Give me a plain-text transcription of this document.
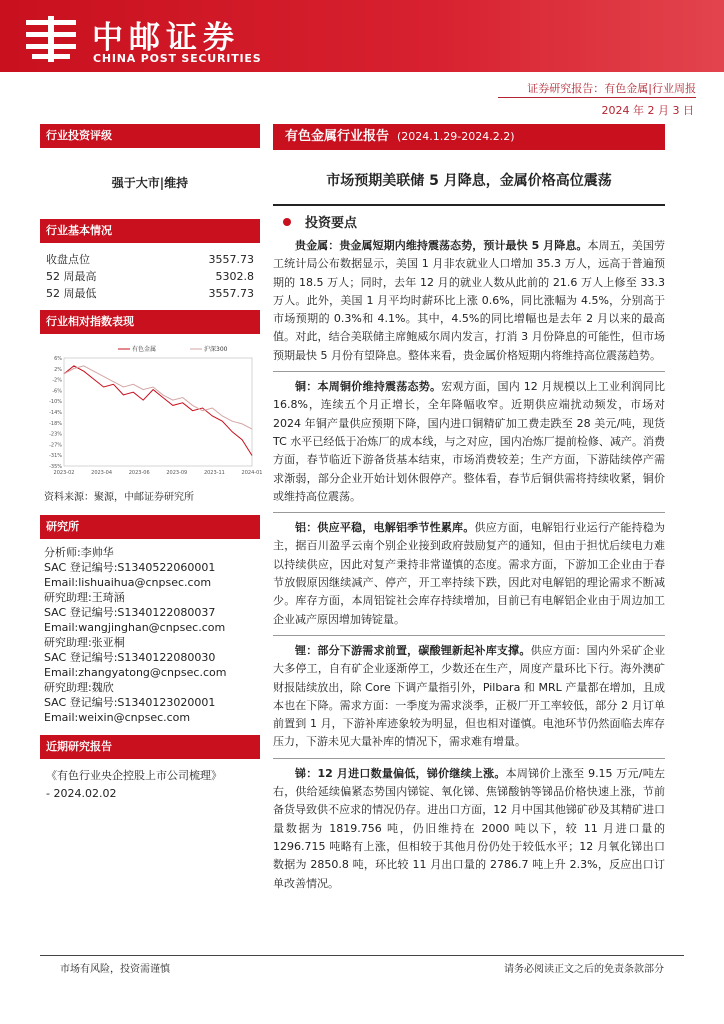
中邮证券
CHINA POST SECURITIES
证券研究报告：有色金属|行业周报
2024 年 2 月 3 日
行业投资评级
强于大市|维持
行业基本情况
收盘点位	3557.73
52 周最高	5302.8
52 周最低	3557.73
行业相对指数表现
6%
2%
-2%
-6%
-10%
-14%
-18%
-23%
-27%
-31%
-35%
2023-02	2023-04	2023-06	2023-09	2023-11	2024-01
有色金属	沪深300
资料来源：聚源，中邮证券研究所
研究所
分析师:李帅华
SAC 登记编号:S1340522060001
Email:lishuaihua@cnpsec.com
研究助理:王琦涵
SAC 登记编号:S1340122080037
Email:wangjinghan@cnpsec.com
研究助理:张亚桐
SAC 登记编号:S1340122080030
Email:zhangyatong@cnpsec.com
研究助理:魏欣
SAC 登记编号:S1340123020001
Email:weixin@cnpsec.com
近期研究报告
《有色行业央企控股上市公司梳理》
- 2024.02.02
有色金属行业报告 (2024.1.29-2024.2.2)
市场预期美联储 5 月降息，金属价格高位震荡
投资要点

贵金属：贵金属短期内维持震荡态势，预计最快 5 月降息。本周五，美国劳工统计局公布数据显示，美国 1 月非农就业人口增加 35.3 万人，远高于普遍预期的 18.5 万人；同时，去年 12 月的就业人数从此前的 21.6 万人上修至 33.3 万人。此外，美国 1 月平均时薪环比上涨 0.6%，同比涨幅为 4.5%，分别高于市场预期的 0.3%和 4.1%。其中，4.5%的同比增幅也是去年 2 月以来的最高值。对此，结合美联储主席鲍威尔周内发言，打消 3 月份降息的可能性，但市场预期最快 5 月份有望降息。整体来看，贵金属价格短期内将维持高位震荡趋势。

铜：本周铜价维持震荡态势。宏观方面，国内 12 月规模以上工业利润同比 16.8%，连续五个月正增长，全年降幅收窄。近期供应端扰动频发，市场对 2024 年铜产量供应预期下降，国内进口铜精矿加工费走跌至 28 美元/吨，现货 TC 水平已经低于冶炼厂的成本线，与之对应，国内冶炼厂提前检修、减产。消费方面，春节临近下游备货基本结束，市场消费较差；生产方面，下游陆续停产需求渐弱，部分企业开始计划休假停产。整体看，春节后铜供需将持续收紧，铜价或维持高位震荡。

铝：供应平稳，电解铝季节性累库。供应方面，电解铝行业运行产能持稳为主，据百川盈孚云南个别企业接到政府鼓励复产的通知，但由于担忧后续电力难以持续供应，因此对复产秉持非常谨慎的态度。需求方面，下游加工企业由于春节放假原因继续减产、停产，开工率持续下跌，因此对电解铝的理论需求不断减少。库存方面，本周铝锭社会库存持续增加，目前已有电解铝企业由于周边加工企业减产原因增加铸锭量。

锂：部分下游需求前置，碳酸锂新起补库支撑。供应方面：国内外采矿企业大多停工，自有矿企业逐渐停工，少数还在生产，周度产量环比下行。海外澳矿财报陆续放出，除 Core 下调产量指引外，Pilbara 和 MRL 产量都在增加，且成本也在下降。需求方面：一季度为需求淡季，正极厂开工率较低，部分 2 月订单前置到 1 月，下游补库迹象较为明显，但也相对谨慎。电池环节仍然面临去库存压力，下游未见大量补库的情况下，需求难有增量。

锑：12 月进口数量偏低，锑价继续上涨。本周锑价上涨至 9.15 万元/吨左右，供给延续偏紧态势国内锑锭、氧化锑、焦锑酸钠等锑品价格快速上涨，节前备货导致供不应求的情况仍存。进出口方面，12 月中国其他锑矿砂及其精矿进口量数据为 1819.756 吨，仍旧维持在 2000 吨以下，较 11 月进口量的 1296.715 吨略有上涨，但相较于其他月份仍处于较低水平；12 月氧化锑出口数据为 2850.8 吨，环比较 11 月出口量的 2786.7 吨上升 2.3%，反应出口订单改善情况。

市场有风险，投资需谨慎	请务必阅读正文之后的免责条款部分
